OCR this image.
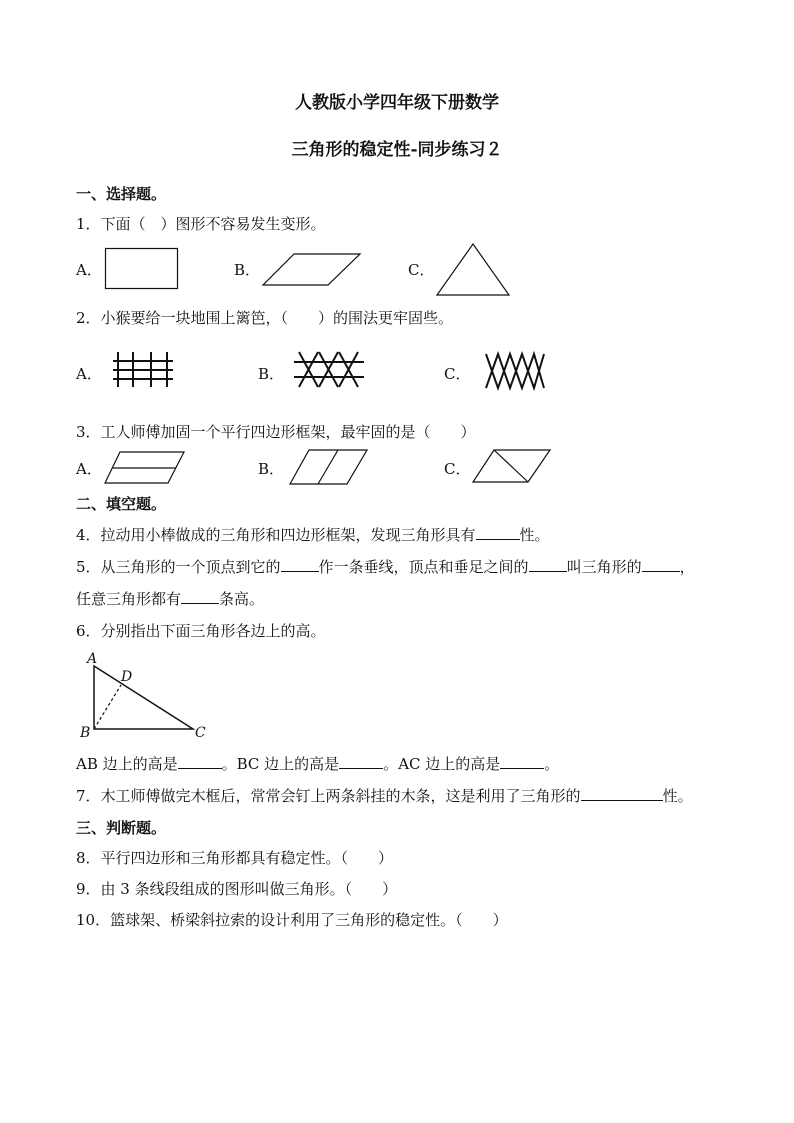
人教版小学四年级下册数学
三角形的稳定性-同步练习２
一、选择题。
1．下面（　）图形不容易发生变形。
A．	B．	C．
2．小猴要给一块地围上篱笆，（　　）的围法更牢固些。
A．	B．	C．
3．工人师傅加固一个平行四边形框架，最牢固的是（　　）
A．	B．	C．
二、填空题。
4．拉动用小棒做成的三角形和四边形框架，发现三角形具有	性。
5．从三角形的一个顶点到它的	作一条垂线，顶点和垂足之间的	叫三角形的	，
任意三角形都有	条高。
6．分别指出下面三角形各边上的高。
A
B	C
D
AB 边上的高是	。BC 边上的高是	。AC 边上的高是	。
7．木工师傅做完木框后，常常会钉上两条斜挂的木条，这是利用了三角形的	性。
三、判断题。
8．平行四边形和三角形都具有稳定性。（　　）
9．由 3 条线段组成的图形叫做三角形。（　　）
10．篮球架、桥梁斜拉索的设计利用了三角形的稳定性。（　　）
